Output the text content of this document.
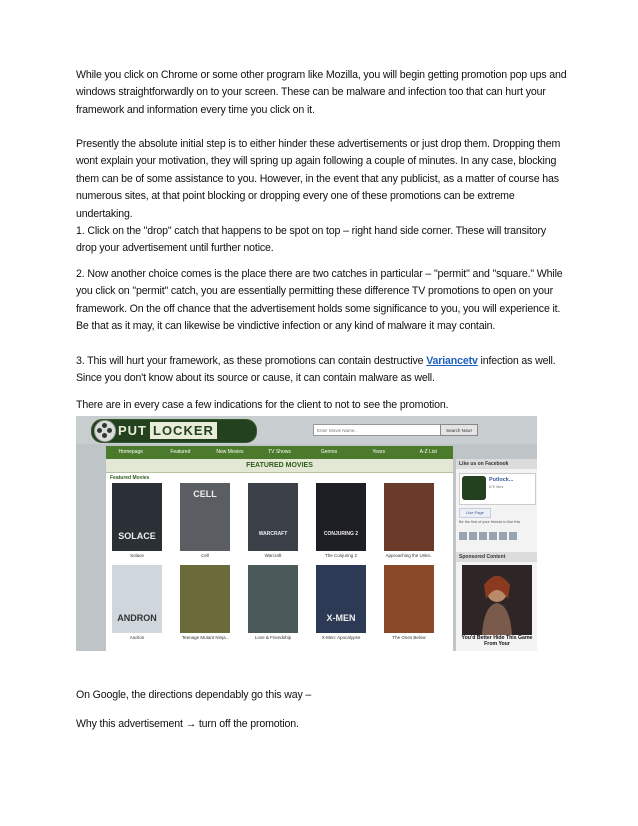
While you click on Chrome or some other program like Mozilla, you will begin getting promotion pop ups and windows straightforwardly on to your screen. These can be malware and infection too that can hurt your framework and information every time you click on it.

Presently the absolute initial step is to either hinder these advertisements or just drop them. Dropping them wont explain your motivation, they will spring up again following a couple of minutes. In any case, blocking them can be of some assistance to you. However, in the event that any publicist, as a matter of course has numerous sites, at that point blocking or dropping every one of these promotions can be extreme undertaking.

1. Click on the "drop" catch that happens to be spot on top – right hand side corner. These will transitory drop your advertisement until further notice.

2. Now another choice comes is the place there are two catches in particular – "permit" and "square." While you click on "permit" catch, you are essentially permitting these difference TV promotions to open on your framework. On the off chance that the advertisement holds some significance to you, you will experience it. Be that as it may, it can likewise be vindictive infection or any kind of malware it may contain.

3. This will hurt your framework, as these promotions can contain destructive Variancetv infection as well. Since you don't know about its source or cause, it can contain malware as well.

There are in every case a few indications for the client to not to see the promotion.

PUT LOCKER	Enter Movie Name..	Search Now!
Homepage	Featured	New Movies	TV Shows	Genres	Years	A-Z List
FEATURED MOVIES
Featured Movies
SOLACE
Solace
CELL
Cell
WARCRAFT
Warcraft
CONJURING 2
The Conjuring 2	Approaching the Unkn..
ANDRON
Andron	Teenage Mutant Ninja..	Love & Friendship
X-MEN
X-Men: Apocalypse	The Ones Below
Like us on Facebook
Putlock...
67K likes
Like Page
Be the first of your friends to like this
Sponsored Content
You'd Better Hide This Game From Your

On Google, the directions dependably go this way –

Why this advertisement → turn off the promotion.
